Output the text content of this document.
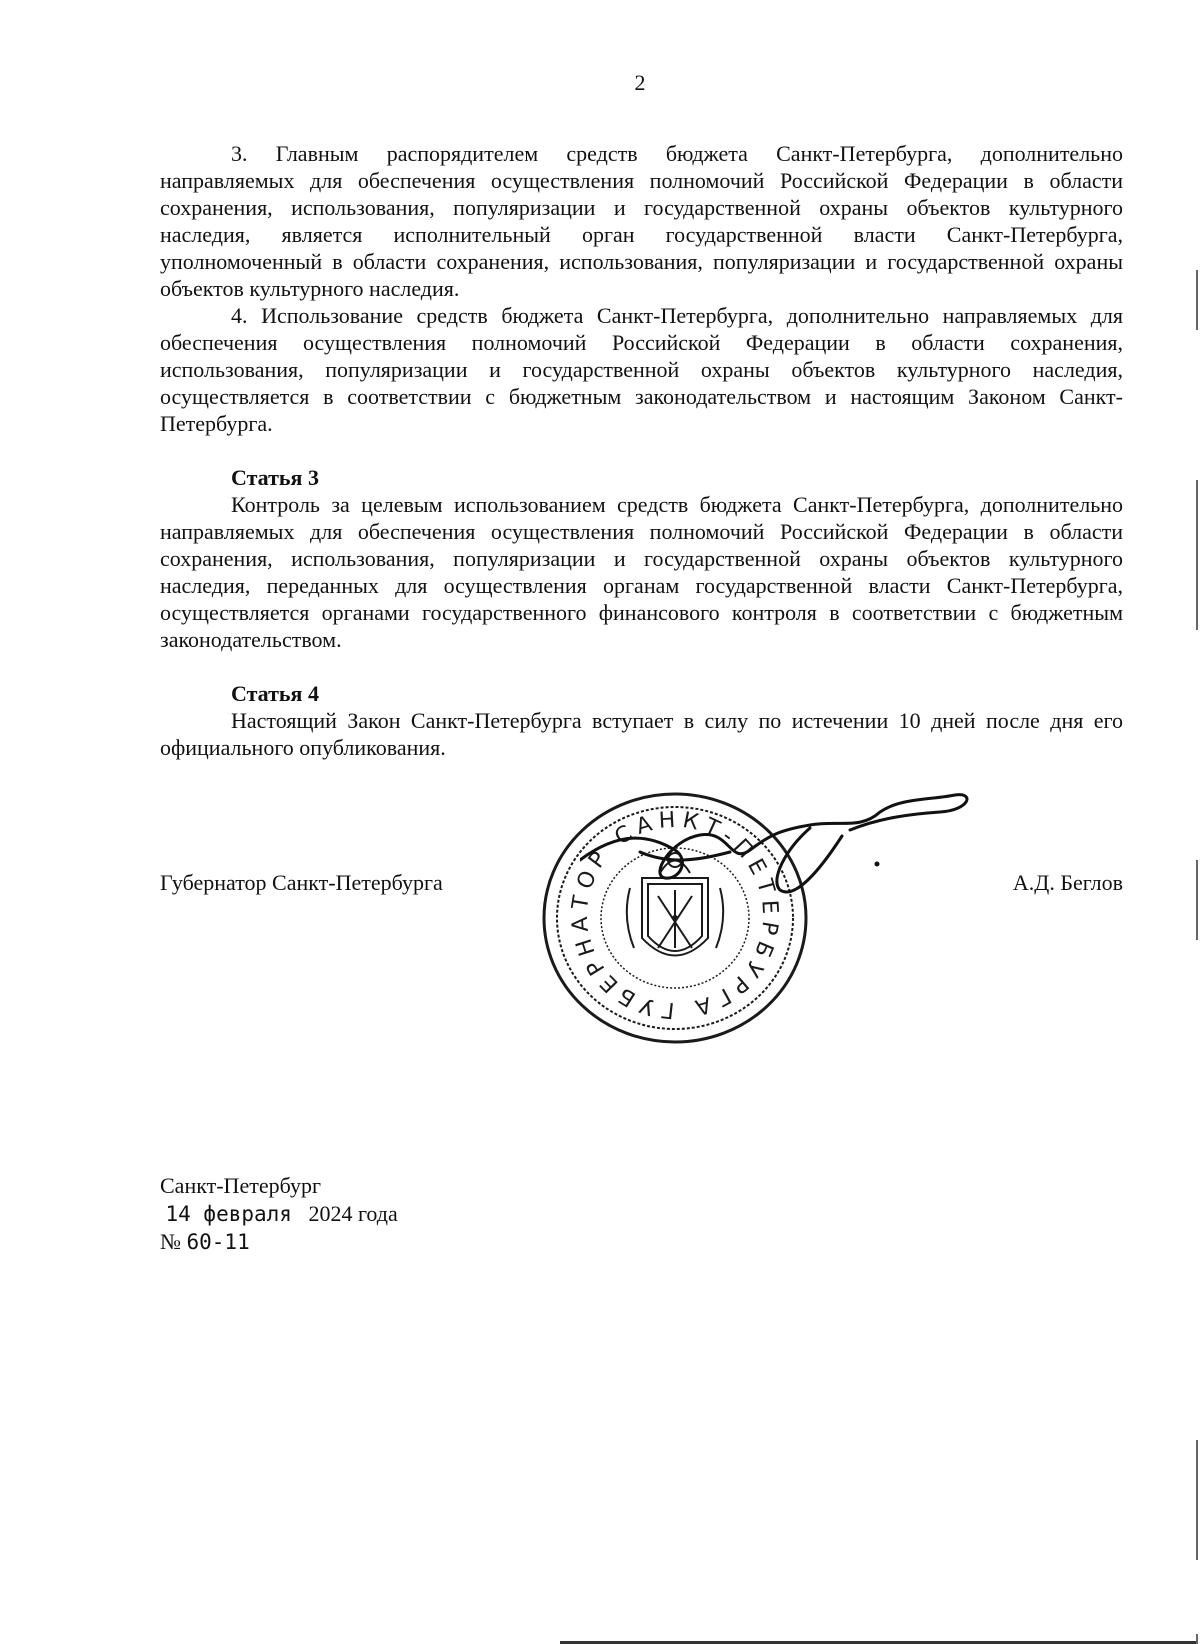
2

3. Главным распорядителем средств бюджета Санкт-Петербурга, дополнительно направляемых для обеспечения осуществления полномочий Российской Федерации в области сохранения, использования, популяризации и государственной охраны объектов культурного наследия, является исполнительный орган государственной власти Санкт-Петербурга, уполномоченный в области сохранения, использования, популяризации и государственной охраны объектов культурного наследия.

4. Использование средств бюджета Санкт-Петербурга, дополнительно направляемых для обеспечения осуществления полномочий Российской Федерации в области сохранения, использования, популяризации и государственной охраны объектов культурного наследия, осуществляется в соответствии с бюджетным законодательством и настоящим Законом Санкт-Петербурга.

Статья 3

Контроль за целевым использованием средств бюджета Санкт-Петербурга, дополнительно направляемых для обеспечения осуществления полномочий Российской Федерации в области сохранения, использования, популяризации и государственной охраны объектов культурного наследия, переданных для осуществления органам государственной власти Санкт-Петербурга, осуществляется органами государственного финансового контроля в соответствии с бюджетным законодательством.

Статья 4

Настоящий Закон Санкт-Петербурга вступает в силу по истечении 10 дней после дня его официального опубликования.

Губернатор Санкт-Петербурга	А.Д. Беглов
ГУБЕРНАТОР САНКТ-ПЕТЕРБУРГА
Санкт-Петербург
14 февраля 2024 года
№ 60-11
